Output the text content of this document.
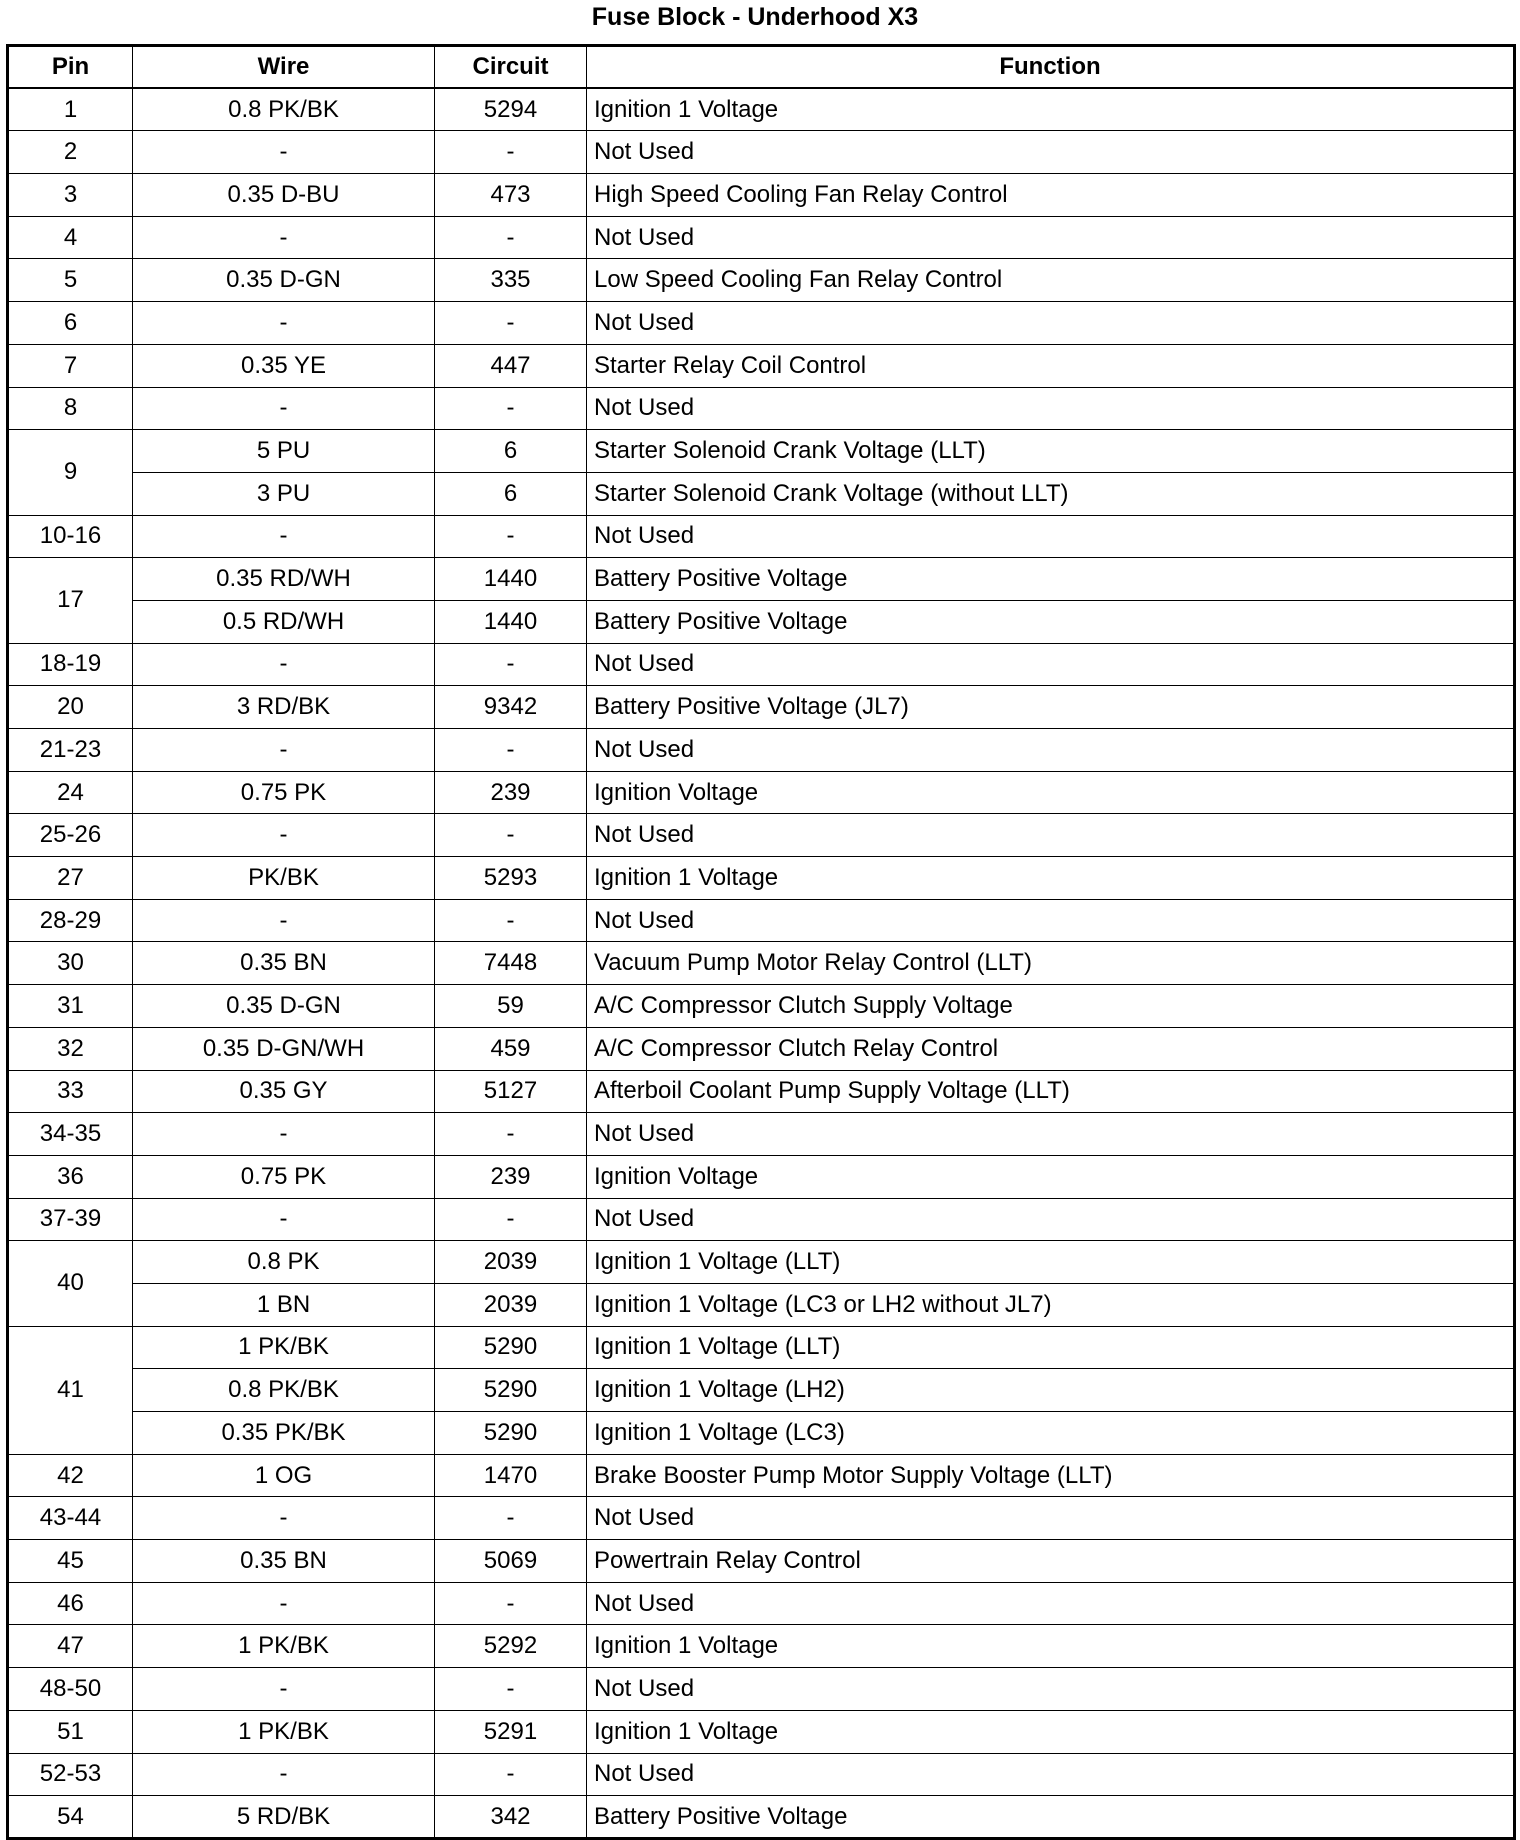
Fuse Block - Underhood X3
Pin	Wire	Circuit	Function
1	0.8 PK/BK	5294	Ignition 1 Voltage
2	-	-	Not Used
3	0.35 D-BU	473	High Speed Cooling Fan Relay Control
4	-	-	Not Used
5	0.35 D-GN	335	Low Speed Cooling Fan Relay Control
6	-	-	Not Used
7	0.35 YE	447	Starter Relay Coil Control
8	-	-	Not Used
9	5 PU	6	Starter Solenoid Crank Voltage (LLT)
	3 PU	6	Starter Solenoid Crank Voltage (without LLT)
10-16	-	-	Not Used
17	0.35 RD/WH	1440	Battery Positive Voltage
	0.5 RD/WH	1440	Battery Positive Voltage
18-19	-	-	Not Used
20	3 RD/BK	9342	Battery Positive Voltage (JL7)
21-23	-	-	Not Used
24	0.75 PK	239	Ignition Voltage
25-26	-	-	Not Used
27	PK/BK	5293	Ignition 1 Voltage
28-29	-	-	Not Used
30	0.35 BN	7448	Vacuum Pump Motor Relay Control (LLT)
31	0.35 D-GN	59	A/C Compressor Clutch Supply Voltage
32	0.35 D-GN/WH	459	A/C Compressor Clutch Relay Control
33	0.35 GY	5127	Afterboil Coolant Pump Supply Voltage (LLT)
34-35	-	-	Not Used
36	0.75 PK	239	Ignition Voltage
37-39	-	-	Not Used
40	0.8 PK	2039	Ignition 1 Voltage (LLT)
	1 BN	2039	Ignition 1 Voltage (LC3 or LH2 without JL7)
41	1 PK/BK	5290	Ignition 1 Voltage (LLT)
	0.8 PK/BK	5290	Ignition 1 Voltage (LH2)
	0.35 PK/BK	5290	Ignition 1 Voltage (LC3)
42	1 OG	1470	Brake Booster Pump Motor Supply Voltage (LLT)
43-44	-	-	Not Used
45	0.35 BN	5069	Powertrain Relay Control
46	-	-	Not Used
47	1 PK/BK	5292	Ignition 1 Voltage
48-50	-	-	Not Used
51	1 PK/BK	5291	Ignition 1 Voltage
52-53	-	-	Not Used
54	5 RD/BK	342	Battery Positive Voltage
